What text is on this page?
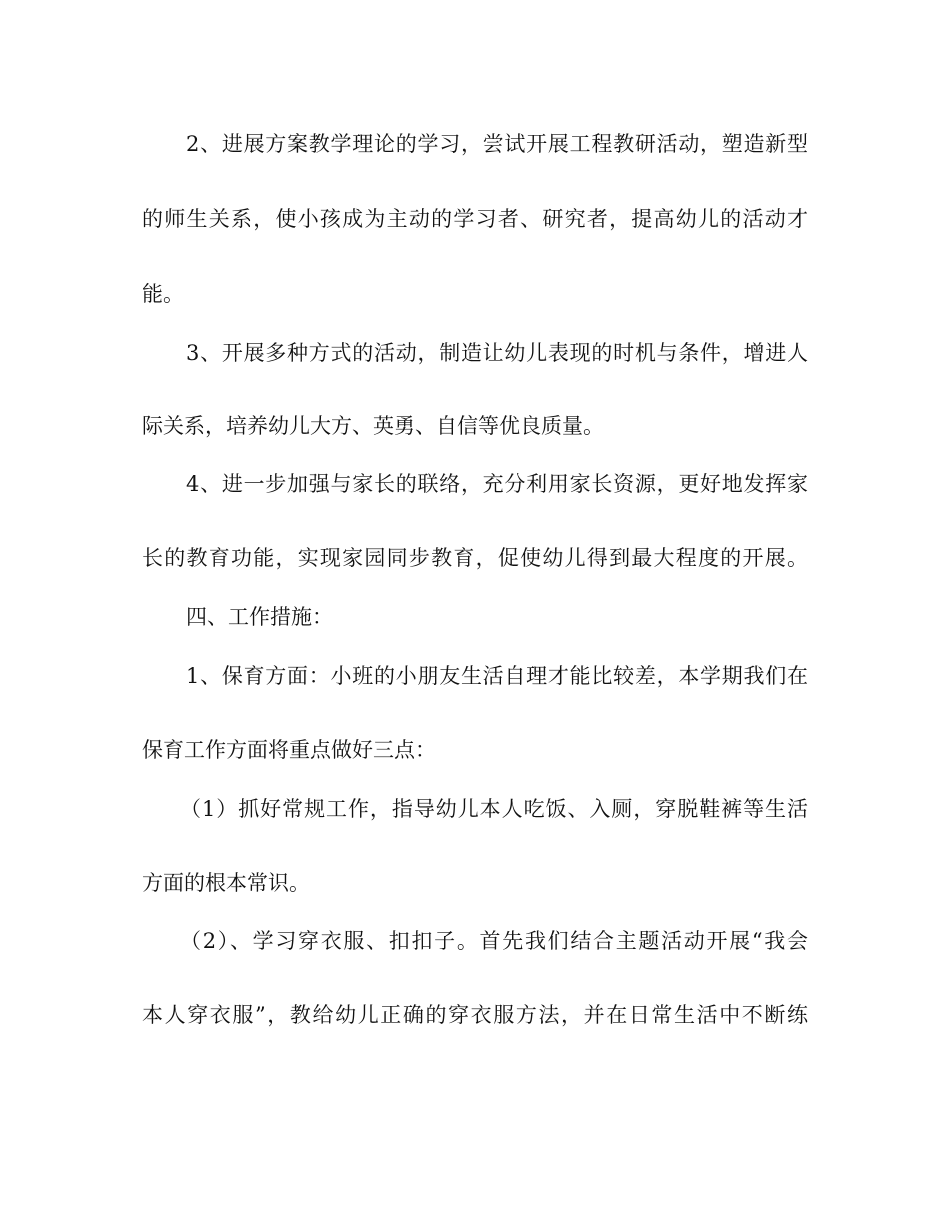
2、进展方案教学理论的学习，尝试开展工程教研活动，塑造新型

的师生关系，使小孩成为主动的学习者、研究者，提高幼儿的活动才

能。

3、开展多种方式的活动，制造让幼儿表现的时机与条件，增进人

际关系，培养幼儿大方、英勇、自信等优良质量。

4、进一步加强与家长的联络，充分利用家长资源，更好地发挥家

长的教育功能，实现家园同步教育，促使幼儿得到最大程度的开展。

四、工作措施：

1、保育方面：小班的小朋友生活自理才能比较差，本学期我们在

保育工作方面将重点做好三点：

（1）抓好常规工作，指导幼儿本人吃饭、入厕，穿脱鞋裤等生活

方面的根本常识。

（2）、学习穿衣服、扣扣子。首先我们结合主题活动开展“我会

本人穿衣服”，教给幼儿正确的穿衣服方法，并在日常生活中不断练
